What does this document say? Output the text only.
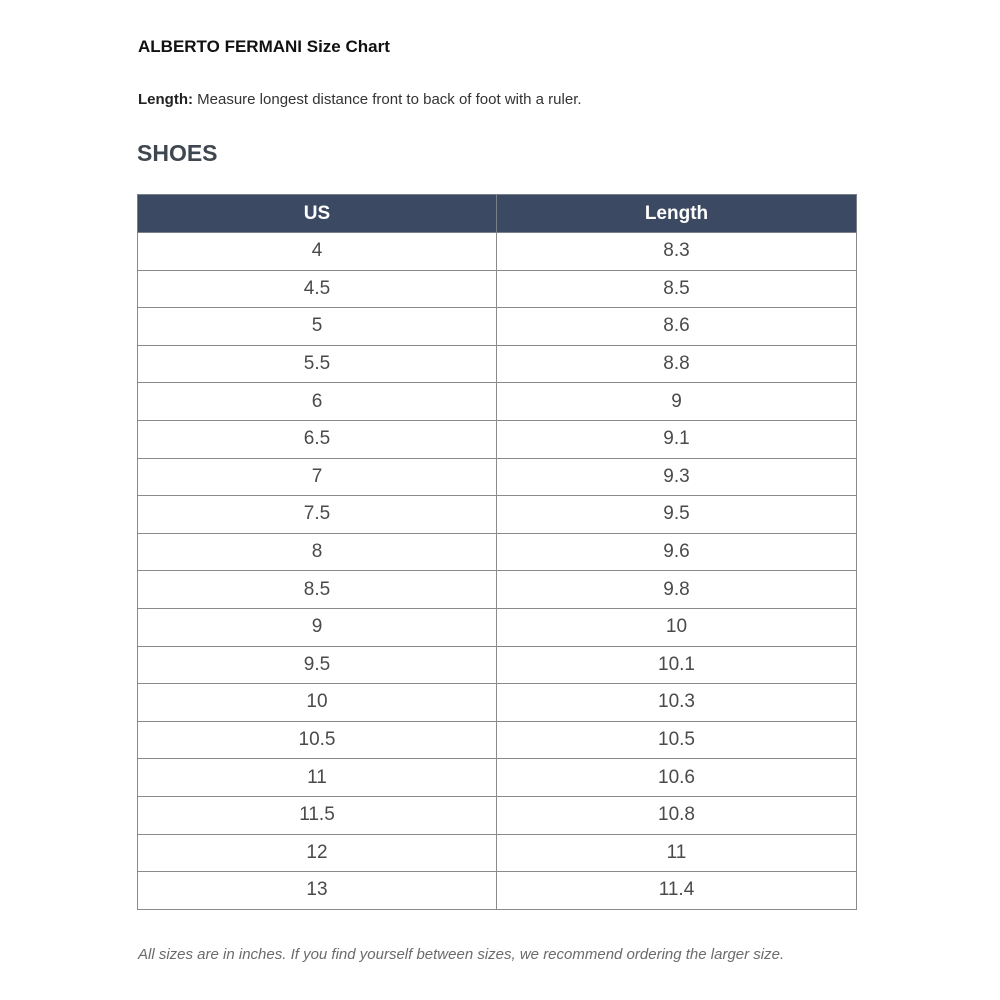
ALBERTO FERMANI Size Chart
Length: Measure longest distance front to back of foot with a ruler.
SHOES
US	Length
4	8.3
4.5	8.5
5	8.6
5.5	8.8
6	9
6.5	9.1
7	9.3
7.5	9.5
8	9.6
8.5	9.8
9	10
9.5	10.1
10	10.3
10.5	10.5
11	10.6
11.5	10.8
12	11
13	11.4
All sizes are in inches. If you find yourself between sizes, we recommend ordering the larger size.
